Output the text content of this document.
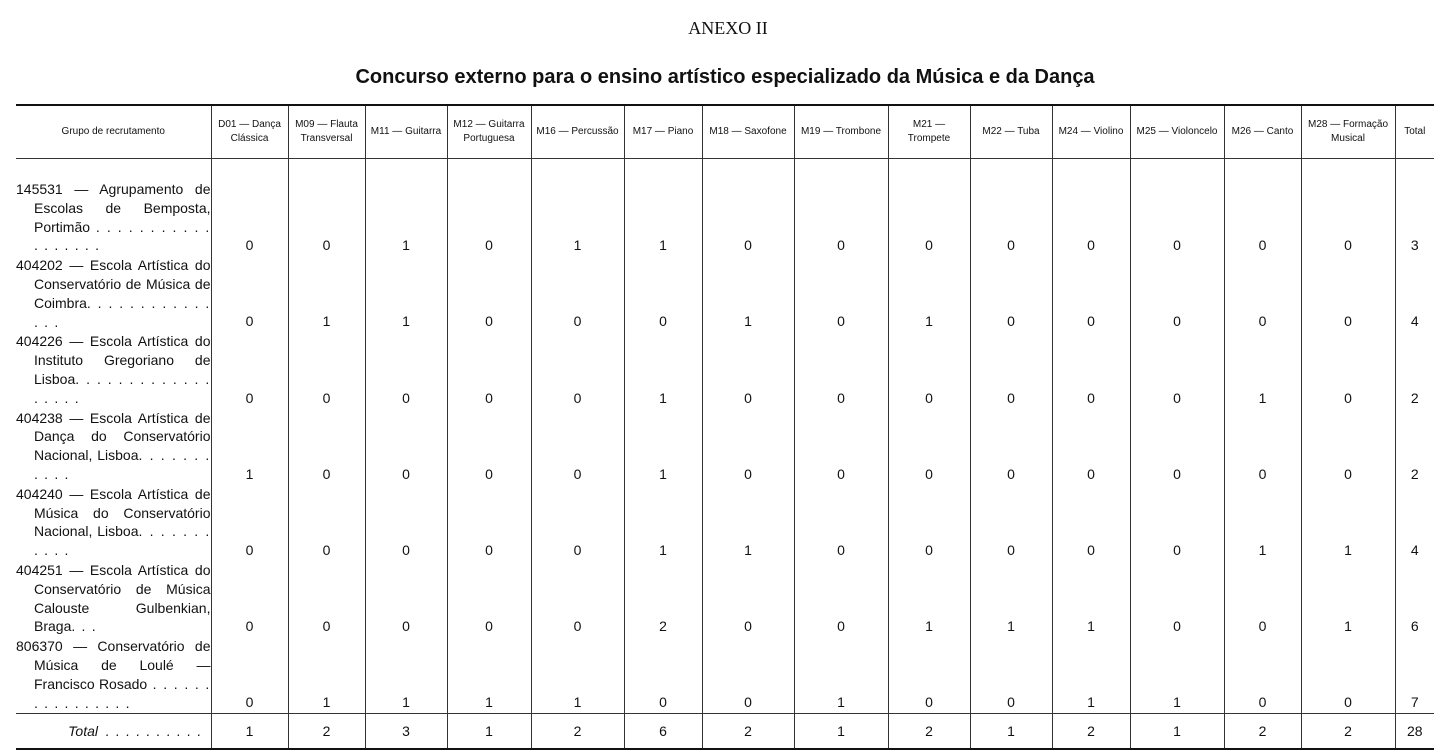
ANEXO II
Concurso externo para o ensino artístico especializado da Música e da Dança
Grupo de recrutamento	D01 — Dança Clássica	M09 — Flauta Transversal	M11 — Guitarra	M12 — Guitarra Portuguesa	M16 — Percussão	M17 — Piano	M18 — Saxofone	M19 — Trombone	M21 — Trompete	M22 — Tuba	M24 — Violino	M25 — Violoncelo	M26 — Canto	M28 — Formação Musical	Total
145531 — Agrupamento de Escolas de Bemposta, Portimão . . . . . . . . . . . . . . . . . .	0	0	1	0	1	1	0	0	0	0	0	0	0	0	3
404202 — Escola Artística do Conservatório de Música de Coimbra. . . . . . . . . . . . . . .	0	1	1	0	0	0	1	0	1	0	0	0	0	0	4
404226 — Escola Artística do Instituto Gregoriano de Lisboa. . . . . . . . . . . . . . . . . .	0	0	0	0	0	1	0	0	0	0	0	0	1	0	2
404238 — Escola Artística de Dança do Conservatório Nacional, Lisboa. . . . . . . . . . .	1	0	0	0	0	1	0	0	0	0	0	0	0	0	2
404240 — Escola Artística de Música do Conservatório Nacional, Lisboa. . . . . . . . . . .	0	0	0	0	0	1	1	0	0	0	0	0	1	1	4
404251 — Escola Artística do Conservatório de Música Calouste Gulbenkian, Braga. . .	0	0	0	0	0	2	0	0	1	1	1	0	0	1	6
806370 — Conservatório de Música de Loulé — Francisco Rosado . . . . . . . . . . . . . . . .	0	1	1	1	1	0	0	1	0	0	1	1	0	0	7
Total . . . . . . . . . .	1	2	3	1	2	6	2	1	2	1	2	1	2	2	28
